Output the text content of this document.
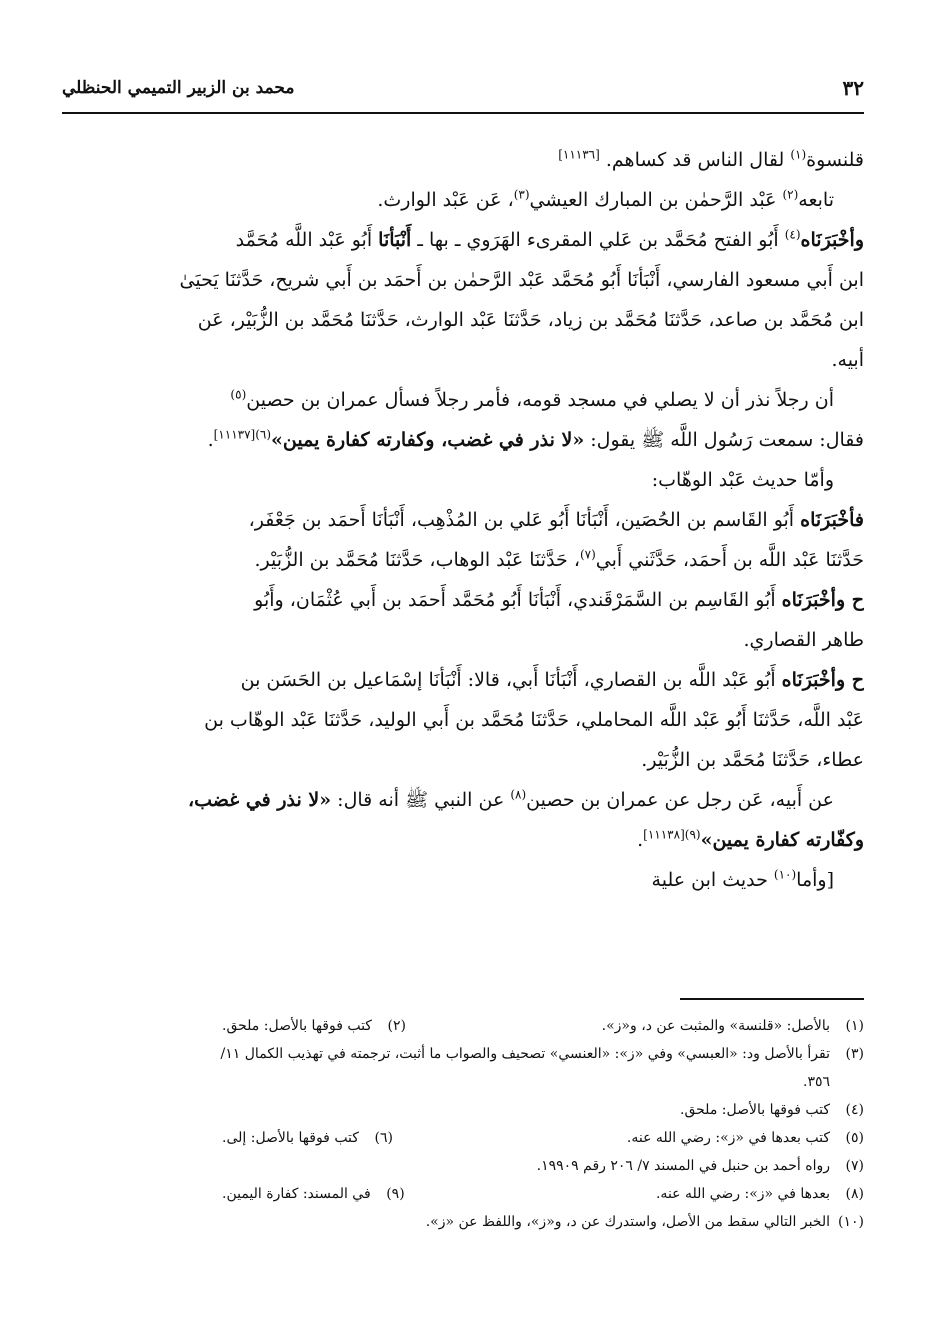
٣٢
محمد بن الزبير التميمي الحنظلي
قلنسوة$^{(١)}$ لقال الناس قد كساهم. [١١١٣٦]
تابعه$^{(٢)}$ عَبْد الرَّحمٰن بن المبارك العيشي$^{(٣)}$، عَن عَبْد الوارث.
وأخْبَرَنَاه$^{(٤)}$ أَبُو الفتح مُحَمَّد بن عَلي المقرىء الهَرَوي ـ بها ـ أَنْبَأنَا أَبُو عَبْد اللَّه مُحَمَّد
ابن أَبي مسعود الفارسي، أَنْبَأنَا أَبُو مُحَمَّد عَبْد الرَّحمٰن بن أَحمَد بن أَبي شريح، حَدَّثنَا يَحيَىٰ
ابن مُحَمَّد بن صاعد، حَدَّثنَا مُحَمَّد بن زياد، حَدَّثنَا عَبْد الوارث، حَدَّثنَا مُحَمَّد بن الزُّبَيْر، عَن
أبيه.
أن رجلاً نذر أن لا يصلي في مسجد قومه، فأمر رجلاً فسأل عمران بن حصين$^{(٥)}$
فقال: سمعت رَسُول اللَّه ﷺ يقول: «لا نذر في غضب، وكفارته كفارة يمين»$^{(٦)[١١١٣٧]}$.
وأمّا حديث عَبْد الوهّاب:
فأخْبَرَنَاه أَبُو القَاسم بن الحُصَين، أَنْبَأنَا أَبُو عَلي بن المُذْهِب، أَنْبَأنَا أَحمَد بن جَعْفَر،
حَدَّثنَا عَبْد اللَّه بن أَحمَد، حَدَّثَني أَبي$^{(٧)}$، حَدَّثنَا عَبْد الوهاب، حَدَّثنَا مُحَمَّد بن الزُّبَيْر.
ح وأخْبَرَنَاه أَبُو القَاسِم بن السَّمَرْقَندي، أَنْبَأنَا أَبُو مُحَمَّد أَحمَد بن أَبي عُثْمَان، وأَبُو
طاهر القصاري.
ح وأخْبَرَنَاه أَبُو عَبْد اللَّه بن القصاري، أَنْبَأنَا أَبي، قالا: أَنْبَأنَا إسْمَاعيل بن الحَسَن بن
عَبْد اللَّه، حَدَّثنَا أَبُو عَبْد اللَّه المحاملي، حَدَّثنَا مُحَمَّد بن أَبي الوليد، حَدَّثنَا عَبْد الوهّاب بن
عطاء، حَدَّثنَا مُحَمَّد بن الزُّبَيْر.
عن أَبيه، عَن رجل عن عمران بن حصين$^{(٨)}$ عن النبي ﷺ أنه قال: «لا نذر في غضب،
وكفّارته كفارة يمين»$^{(٩)[١١١٣٨]}$.
[وأما$^{(١٠)}$ حديث ابن علية
(١)بالأصل: «قلنسة» والمثبت عن د، و«ز».
(٢)كتب فوقها بالأصل: ملحق.
(٣)تقرأ بالأصل ود: «العبسي» وفي «ز»: «العنسي» تصحيف والصواب ما أثبت، ترجمته في تهذيب الكمال ١١/
٣٥٦.
(٤)كتب فوقها بالأصل: ملحق.
(٥)كتب بعدها في «ز»: رضي الله عنه.
(٦)كتب فوقها بالأصل: إلى.
(٧)رواه أحمد بن حنبل في المسند ٧/ ٢٠٦ رقم ١٩٩٠٩.
(٨)بعدها في «ز»: رضي الله عنه.
(٩)في المسند: كفارة اليمين.
(١٠)الخبر التالي سقط من الأصل، واستدرك عن د، و«ز»، واللفظ عن «ز».
